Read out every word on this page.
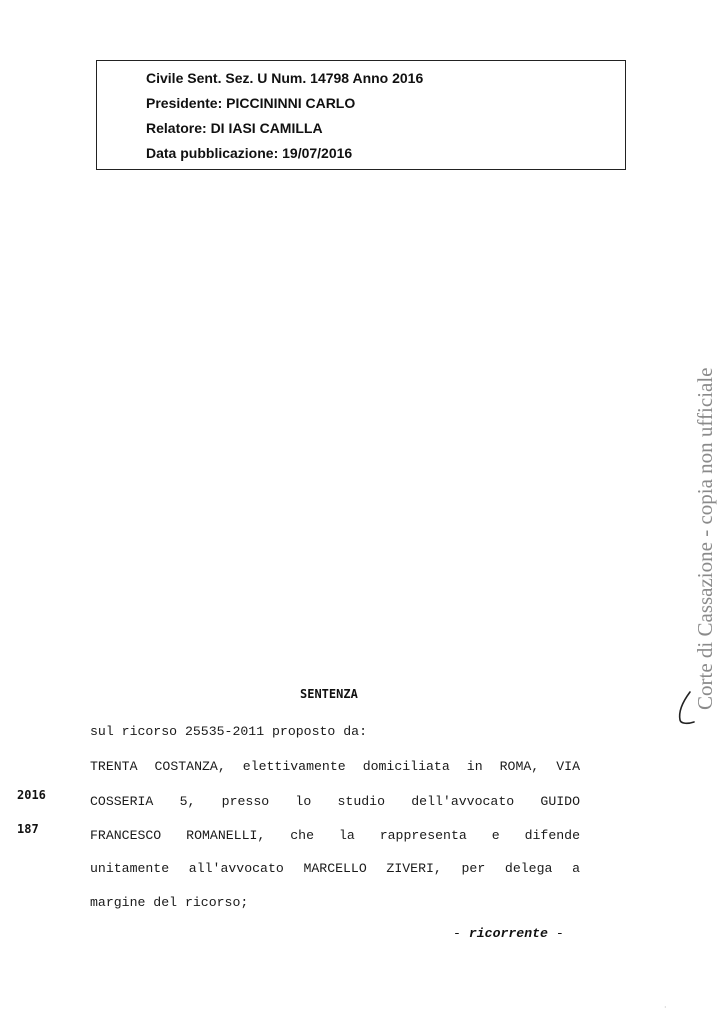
Civile Sent. Sez. U Num. 14798 Anno 2016
Presidente: PICCININNI CARLO
Relatore: DI IASI CAMILLA
Data pubblicazione: 19/07/2016
Corte di Cassazione - copia non ufficiale
SENTENZA
sul ricorso 25535-2011 proposto da:
TRENTA COSTANZA, elettivamente domiciliata in ROMA, VIA
COSSERIA 5, presso lo studio dell'avvocato GUIDO
FRANCESCO ROMANELLI, che la rappresenta e difende
unitamente all'avvocato MARCELLO ZIVERI, per delega a
margine del ricorso;
- ricorrente -
2016
187
·
